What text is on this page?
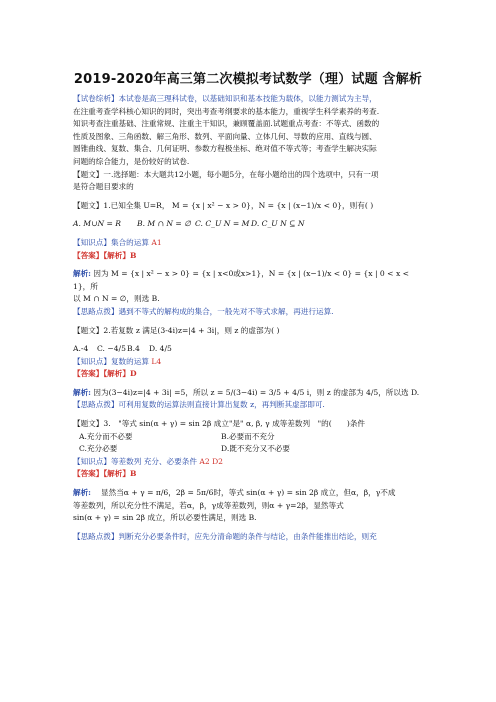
2019-2020年高三第二次模拟考试数学（理）试题 含解析

【试卷综析】本试卷是高三理科试卷，以基础知识和基本技能为载体，以能力测试为主导，

在注重考查学科核心知识的同时，突出考查考纲要求的基本能力，重视学生科学素养的考查.

知识考查注重基础、注重常规、注重主干知识，兼顾覆盖面.试题重点考查：不等式、函数的

性质及图象、三角函数、解三角形、数列、平面向量、立体几何、导数的应用、直线与圆、

圆锥曲线、复数、集合、几何证明、参数方程极坐标、绝对值不等式等；考查学生解决实际

问题的综合能力，是份较好的试卷.

【题文】一.选择题：本大题共12小题，每小题5分，在每小题给出的四个选项中，只有一项

是符合题目要求的

【题文】1.已知全集 U=R， M = {x | x² − x > 0}，N = {x | (x−1)/x < 0}，则有( )

A. M∪N = R	B. M ∩ N = ∅ C. C_U N = M D. C_U N ⊆ N

【知识点】集合的运算 A1

【答案】【解析】B

解析: 因为 M = {x | x² − x > 0} = {x | x<0或x>1}，N = {x | (x−1)/x < 0} = {x | 0 < x < 1}，所

以 M ∩ N = ∅，则选 B.

【思路点拨】遇到不等式的解构成的集合，一般先对不等式求解，再进行运算.

【题文】2.若复数 z 满足(3-4i)z=|4 + 3i|，则 z 的虚部为( )

A.-4	C. −4/5 B.4	D. 4/5

【知识点】复数的运算 L4

【答案】【解析】D

解析: 因为(3−4i)z=|4 + 3i| =5，所以 z = 5/(3−4i) = 3/5 + 4/5 i，则 z 的虚部为 4/5，所以选 D.

【思路点拨】可利用复数的运算法则直接计算出复数 z，再判断其虚部即可.

【题文】3.　"等式 sin(α + γ) = sin 2β 成立"是" α, β, γ 成等差数列　"的(　　)条件

A.充分而不必要	B.必要而不充分

C.充分必要	D.既不充分又不必要

【知识点】等差数列 充分、必要条件 A2 D2

【答案】【解析】B

解析: 　显然当α + γ = π/6，2β = 5π/6时，等式 sin(α + γ) = sin 2β 成立，但α，β，γ不成

等差数列，所以充分性不满足，若α，β，γ成等差数列，则α + γ=2β，显然等式

sin(α + γ) = sin 2β 成立，所以必要性满足，则选 B.

【思路点拨】判断充分必要条件时，应先分清命题的条件与结论，由条件能推出结论，则充
